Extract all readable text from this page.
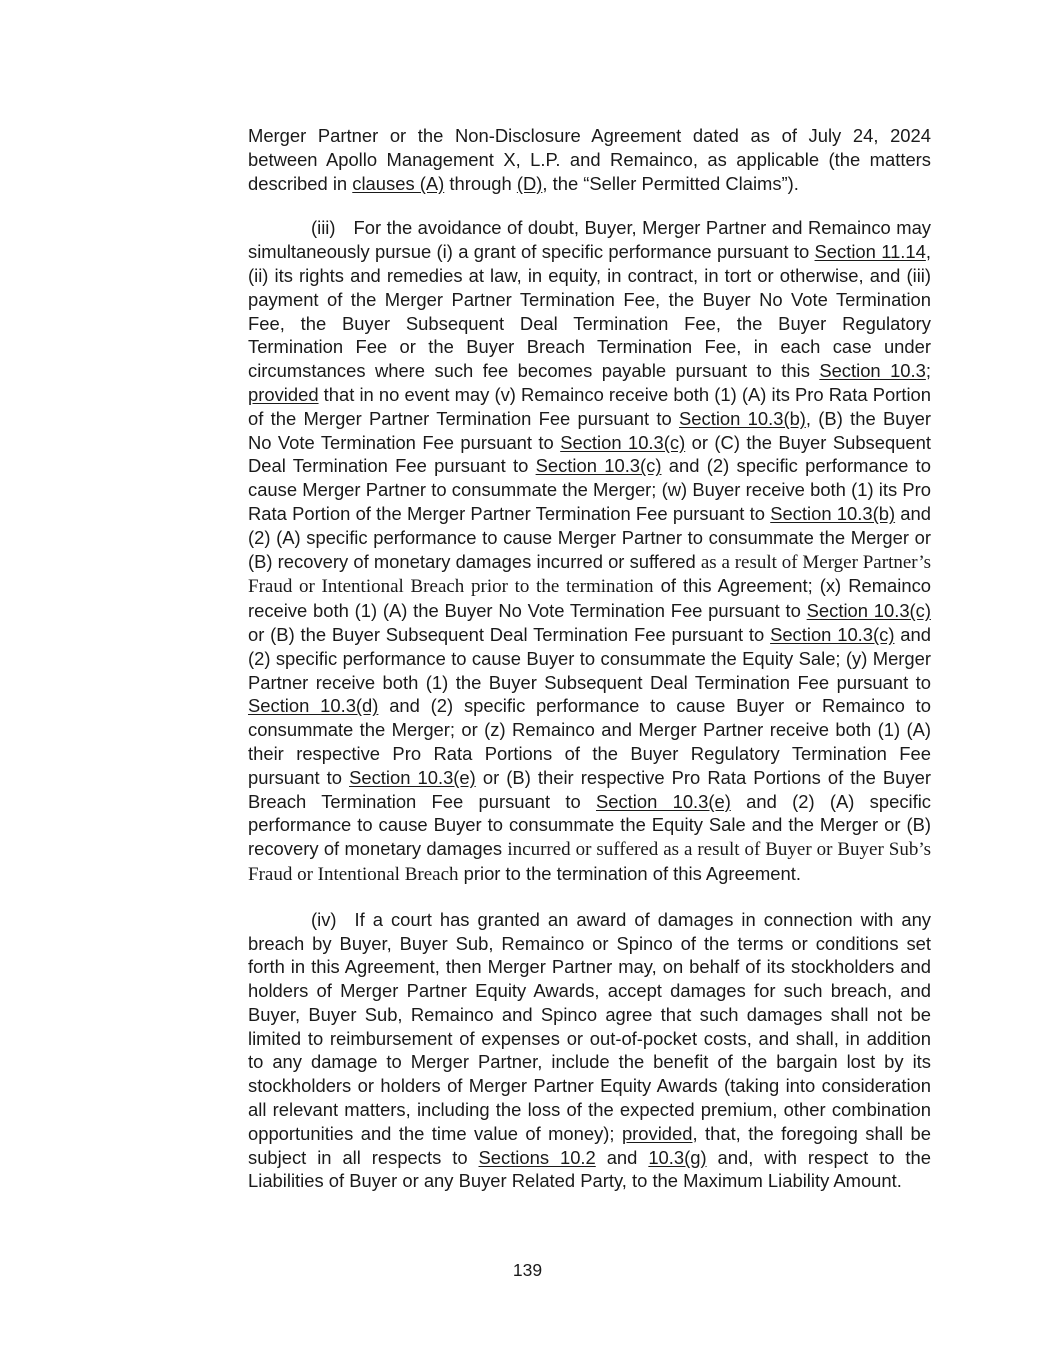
Merger Partner or the Non-Disclosure Agreement dated as of July 24, 2024 between Apollo Management X, L.P. and Remainco, as applicable (the matters described in clauses (A) through (D), the “Seller Permitted Claims”).

(iii) For the avoidance of doubt, Buyer, Merger Partner and Remainco may simultaneously pursue (i) a grant of specific performance pursuant to Section 11.14, (ii) its rights and remedies at law, in equity, in contract, in tort or otherwise, and (iii) payment of the Merger Partner Termination Fee, the Buyer No Vote Termination Fee, the Buyer Subsequent Deal Termination Fee, the Buyer Regulatory Termination Fee or the Buyer Breach Termination Fee, in each case under circumstances where such fee becomes payable pursuant to this Section 10.3; provided that in no event may (v) Remainco receive both (1) (A) its Pro Rata Portion of the Merger Partner Termination Fee pursuant to Section 10.3(b), (B) the Buyer No Vote Termination Fee pursuant to Section 10.3(c) or (C) the Buyer Subsequent Deal Termination Fee pursuant to Section 10.3(c) and (2) specific performance to cause Merger Partner to consummate the Merger; (w) Buyer receive both (1) its Pro Rata Portion of the Merger Partner Termination Fee pursuant to Section 10.3(b) and (2) (A) specific performance to cause Merger Partner to consummate the Merger or (B) recovery of monetary damages incurred or suffered as a result of Merger Partner’s Fraud or Intentional Breach prior to the termination of this Agreement; (x) Remainco receive both (1) (A) the Buyer No Vote Termination Fee pursuant to Section 10.3(c) or (B) the Buyer Subsequent Deal Termination Fee pursuant to Section 10.3(c) and (2) specific performance to cause Buyer to consummate the Equity Sale; (y) Merger Partner receive both (1) the Buyer Subsequent Deal Termination Fee pursuant to Section 10.3(d) and (2) specific performance to cause Buyer or Remainco to consummate the Merger; or (z) Remainco and Merger Partner receive both (1) (A) their respective Pro Rata Portions of the Buyer Regulatory Termination Fee pursuant to Section 10.3(e) or (B) their respective Pro Rata Portions of the Buyer Breach Termination Fee pursuant to Section 10.3(e) and (2) (A) specific performance to cause Buyer to consummate the Equity Sale and the Merger or (B) recovery of monetary damages incurred or suffered as a result of Buyer or Buyer Sub’s Fraud or Intentional Breach prior to the termination of this Agreement.

(iv) If a court has granted an award of damages in connection with any breach by Buyer, Buyer Sub, Remainco or Spinco of the terms or conditions set forth in this Agreement, then Merger Partner may, on behalf of its stockholders and holders of Merger Partner Equity Awards, accept damages for such breach, and Buyer, Buyer Sub, Remainco and Spinco agree that such damages shall not be limited to reimbursement of expenses or out-of-pocket costs, and shall, in addition to any damage to Merger Partner, include the benefit of the bargain lost by its stockholders or holders of Merger Partner Equity Awards (taking into consideration all relevant matters, including the loss of the expected premium, other combination opportunities and the time value of money); provided, that, the foregoing shall be subject in all respects to Sections 10.2 and 10.3(g) and, with respect to the Liabilities of Buyer or any Buyer Related Party, to the Maximum Liability Amount.

139
